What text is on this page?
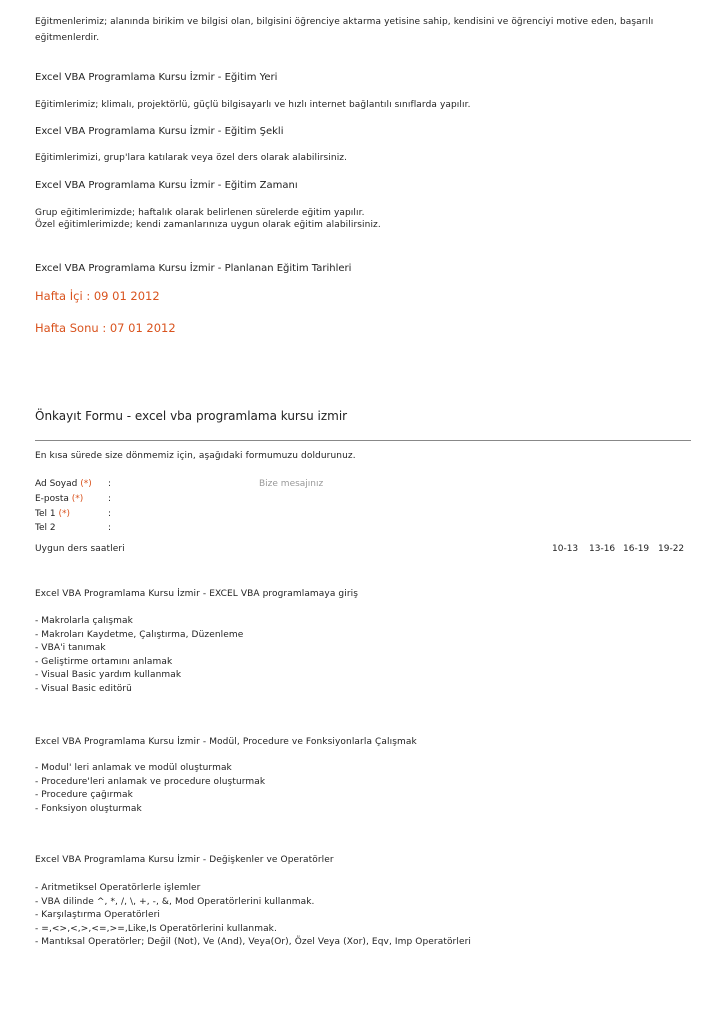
Eğitmenlerimiz; alanında birikim ve bilgisi olan, bilgisini öğrenciye aktarma yetisine sahip, kendisini ve öğrenciyi motive eden, başarılı
eğitmenlerdir.
Excel VBA Programlama Kursu İzmir - Eğitim Yeri
Eğitimlerimiz; klimalı, projektörlü, güçlü bilgisayarlı ve hızlı internet bağlantılı sınıflarda yapılır.
Excel VBA Programlama Kursu İzmir - Eğitim Şekli
Eğitimlerimizi, grup'lara katılarak veya özel ders olarak alabilirsiniz.
Excel VBA Programlama Kursu İzmir - Eğitim Zamanı
Grup eğitimlerimizde; haftalık olarak belirlenen sürelerde eğitim yapılır.
Özel eğitimlerimizde; kendi zamanlarınıza uygun olarak eğitim alabilirsiniz.
Excel VBA Programlama Kursu İzmir - Planlanan Eğitim Tarihleri
Hafta İçi : 09 01 2012
Hafta Sonu : 07 01 2012
Önkayıt Formu - excel vba programlama kursu izmir
En kısa sürede size dönmemiz için, aşağıdaki formumuzu doldurunuz.
Ad Soyad (*) :	Bize mesajınız
E-posta (*)	:
Tel 1 (*)	:
Tel 2	:
Uygun ders saatleri	10-13 13-16 16-19 19-22
Excel VBA Programlama Kursu İzmir - EXCEL VBA programlamaya giriş
- Makrolarla çalışmak
- Makroları Kaydetme, Çalıştırma, Düzenleme
- VBA'i tanımak
- Geliştirme ortamını anlamak
- Visual Basic yardım kullanmak
- Visual Basic editörü
Excel VBA Programlama Kursu İzmir - Modül, Procedure ve Fonksiyonlarla Çalışmak
- Modul' leri anlamak ve modül oluşturmak
- Procedure'leri anlamak ve procedure oluşturmak
- Procedure çağırmak
- Fonksiyon oluşturmak
Excel VBA Programlama Kursu İzmir - Değişkenler ve Operatörler
- Aritmetiksel Operatörlerle işlemler
- VBA dilinde ^, *, /, \, +, -, &, Mod Operatörlerini kullanmak.
- Karşılaştırma Operatörleri
- =,<>,<,>,<=,>=,Like,Is Operatörlerini kullanmak.
- Mantıksal Operatörler; Değil (Not), Ve (And), Veya(Or), Özel Veya (Xor), Eqv, Imp Operatörleri
